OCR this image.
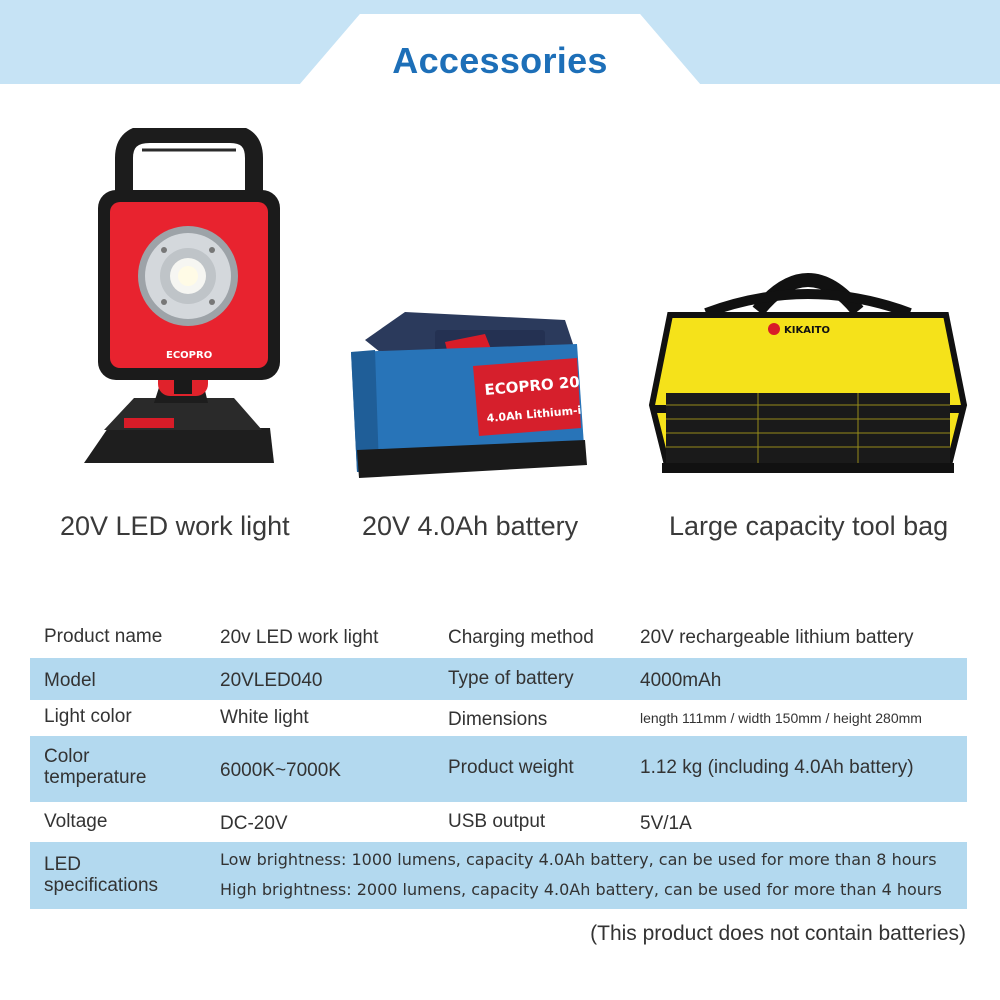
Accessories
ECOPRO
ECOPRO 20v
4.0Ah Lithium-ion
KIKAITO
20V LED work light	20V 4.0Ah battery	Large capacity tool bag
Product name	20v LED work light	Charging method 20V rechargeable lithium battery
Model	20VLED040	Type of battery	4000mAh
Light color	White light	Dimensions	length 111mm / width 150mm / height 280mm
Color
temperature	6000K~7000K	Product weight	1.12 kg (including 4.0Ah battery)
Voltage	DC-20V	USB output	5V/1A
LED
specifications
Low brightness: 1000 lumens, capacity 4.0Ah battery, can be used for more than 8 hours
High brightness: 2000 lumens, capacity 4.0Ah battery, can be used for more than 4 hours
(This product does not contain batteries)
